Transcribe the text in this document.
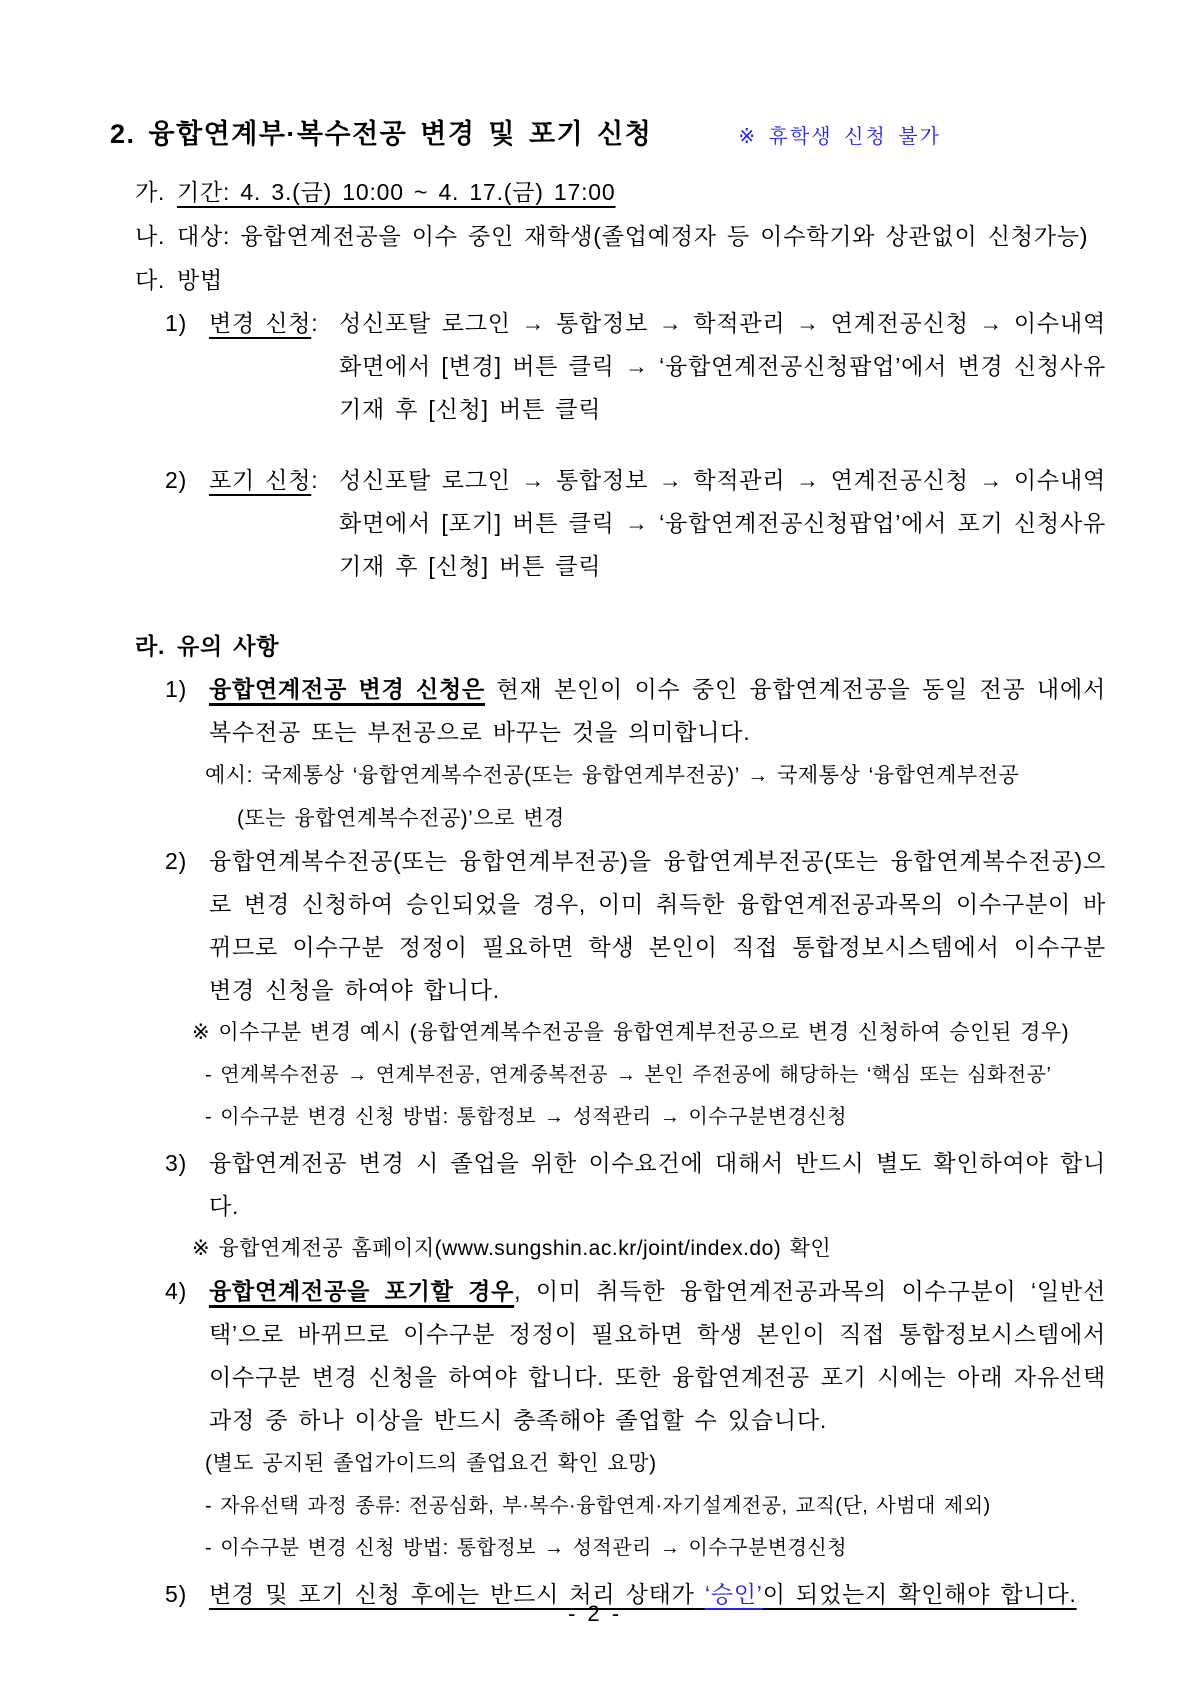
2. 융합연계부·복수전공 변경 및 포기 신청	※ 휴학생 신청 불가
가. 기간: 4. 3.(금) 10:00 ~ 4. 17.(금) 17:00
나. 대상: 융합연계전공을 이수 중인 재학생(졸업예정자 등 이수학기와 상관없이 신청가능)
다. 방법
1) 변경 신청: 성신포탈 로그인 → 통합정보 → 학적관리 → 연계전공신청 → 이수내역 화면에서 [변경] 버튼 클릭 → ‘융합연계전공신청팝업’에서 변경 신청사유 기재 후 [신청] 버튼 클릭
2) 포기 신청: 성신포탈 로그인 → 통합정보 → 학적관리 → 연계전공신청 → 이수내역 화면에서 [포기] 버튼 클릭 → ‘융합연계전공신청팝업’에서 포기 신청사유 기재 후 [신청] 버튼 클릭
라. 유의 사항
1) 융합연계전공 변경 신청은 현재 본인이 이수 중인 융합연계전공을 동일 전공 내에서 복수전공 또는 부전공으로 바꾸는 것을 의미합니다.
예시: 국제통상 ‘융합연계복수전공(또는 융합연계부전공)’ → 국제통상 ‘융합연계부전공
(또는 융합연계복수전공)’으로 변경
2) 융합연계복수전공(또는 융합연계부전공)을 융합연계부전공(또는 융합연계복수전공)으로 변경 신청하여 승인되었을 경우, 이미 취득한 융합연계전공과목의 이수구분이 바뀌므로 이수구분 정정이 필요하면 학생 본인이 직접 통합정보시스템에서 이수구분 변경 신청을 하여야 합니다.
※ 이수구분 변경 예시 (융합연계복수전공을 융합연계부전공으로 변경 신청하여 승인된 경우)
- 연계복수전공 → 연계부전공, 연계중복전공 → 본인 주전공에 해당하는 ‘핵심 또는 심화전공’
- 이수구분 변경 신청 방법: 통합정보 → 성적관리 → 이수구분변경신청
3) 융합연계전공 변경 시 졸업을 위한 이수요건에 대해서 반드시 별도 확인하여야 합니다.
※ 융합연계전공 홈페이지(www.sungshin.ac.kr/joint/index.do) 확인
4) 융합연계전공을 포기할 경우, 이미 취득한 융합연계전공과목의 이수구분이 ‘일반선택’으로 바뀌므로 이수구분 정정이 필요하면 학생 본인이 직접 통합정보시스템에서 이수구분 변경 신청을 하여야 합니다. 또한 융합연계전공 포기 시에는 아래 자유선택 과정 중 하나 이상을 반드시 충족해야 졸업할 수 있습니다.
(별도 공지된 졸업가이드의 졸업요건 확인 요망)
- 자유선택 과정 종류: 전공심화, 부·복수·융합연계·자기설계전공, 교직(단, 사범대 제외)
- 이수구분 변경 신청 방법: 통합정보 → 성적관리 → 이수구분변경신청
5) 변경 및 포기 신청 후에는 반드시 처리 상태가 ‘승인’이 되었는지 확인해야 합니다.
- 2 -
